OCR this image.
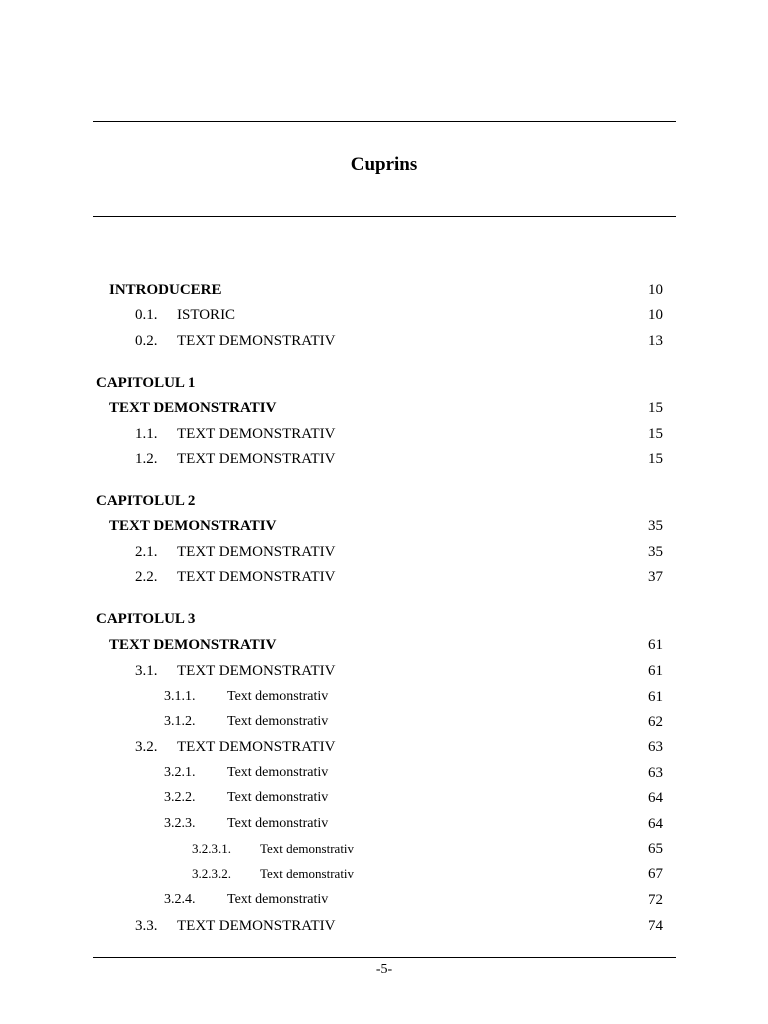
Cuprins
INTRODUCERE	10
0.1. ISTORIC	10
0.2. TEXT DEMONSTRATIV	13
CAPITOLUL 1
TEXT DEMONSTRATIV	15
1.1. TEXT DEMONSTRATIV	15
1.2. TEXT DEMONSTRATIV	15
CAPITOLUL 2
TEXT DEMONSTRATIV	35
2.1. TEXT DEMONSTRATIV	35
2.2. TEXT DEMONSTRATIV	37
CAPITOLUL 3
TEXT DEMONSTRATIV	61
3.1. TEXT DEMONSTRATIV	61
3.1.1. Text demonstrativ	61
3.1.2. Text demonstrativ	62
3.2. TEXT DEMONSTRATIV	63
3.2.1. Text demonstrativ	63
3.2.2. Text demonstrativ	64
3.2.3. Text demonstrativ	64
3.2.3.1. Text demonstrativ	65
3.2.3.2. Text demonstrativ	67
3.2.4. Text demonstrativ	72
3.3. TEXT DEMONSTRATIV	74
-5-
